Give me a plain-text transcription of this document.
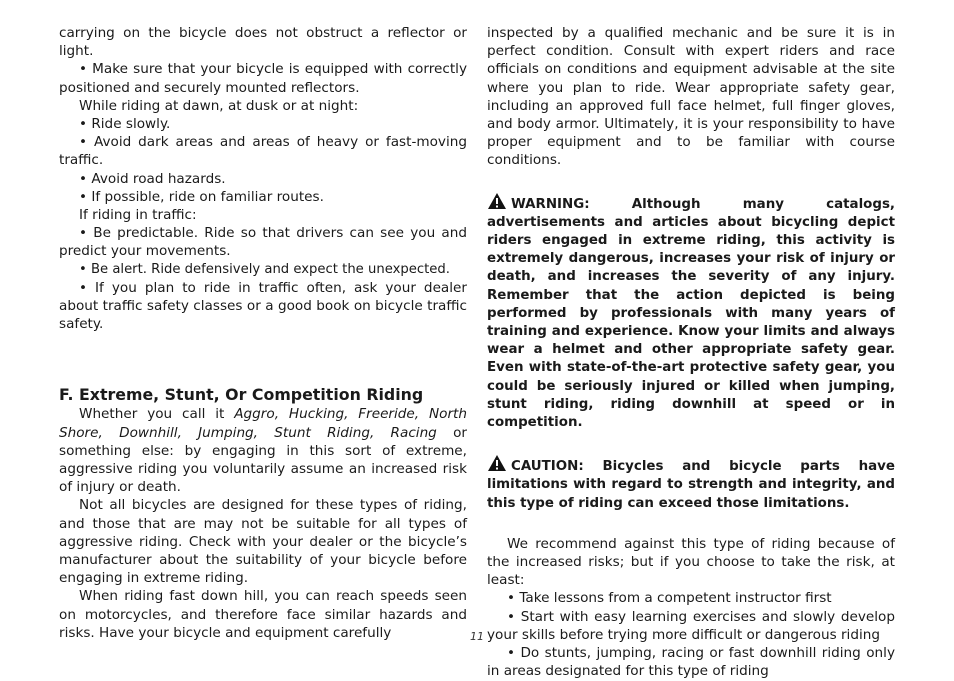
carrying on the bicycle does not obstruct a reflector or light.

• Make sure that your bicycle is equipped with correctly positioned and securely mounted reflectors.

While riding at dawn, at dusk or at night:

• Ride slowly.

• Avoid dark areas and areas of heavy or fast-moving traffic.

• Avoid road hazards.

• If possible, ride on familiar routes.

If riding in traffic:

• Be predictable. Ride so that drivers can see you and predict your movements.

• Be alert. Ride defensively and expect the unexpected.

• If you plan to ride in traffic often, ask your dealer about traffic safety classes or a good book on bicycle traffic safety.

F. Extreme, Stunt, Or Competition Riding

Whether you call it Aggro, Hucking, Freeride, North Shore, Downhill, Jumping, Stunt Riding, Racing or something else: by engaging in this sort of extreme, aggressive riding you voluntarily assume an increased risk of injury or death.

Not all bicycles are designed for these types of riding, and those that are may not be suitable for all types of aggressive riding. Check with your dealer or the bicycle’s manufacturer about the suitability of your bicycle before engaging in extreme riding.

When riding fast down hill, you can reach speeds seen on motorcycles, and therefore face similar hazards and risks. Have your bicycle and equipment carefully

inspected by a qualified mechanic and be sure it is in perfect condition. Consult with expert riders and race officials on conditions and equipment advisable at the site where you plan to ride. Wear appropriate safety gear, including an approved full face helmet, full finger gloves, and body armor. Ultimately, it is your responsibility to have proper equipment and to be familiar with course conditions.

WARNING: Although many catalogs, advertisements and articles about bicycling depict riders engaged in extreme riding, this activity is extremely dangerous, increases your risk of injury or death, and increases the severity of any injury. Remember that the action depicted is being performed by professionals with many years of training and experience. Know your limits and always wear a helmet and other appropriate safety gear. Even with state-of-the-art protective safety gear, you could be seriously injured or killed when jumping, stunt riding, riding downhill at speed or in competition.

CAUTION: Bicycles and bicycle parts have limitations with regard to strength and integrity, and this type of riding can exceed those limitations.

We recommend against this type of riding because of the increased risks; but if you choose to take the risk, at least:

• Take lessons from a competent instructor first

• Start with easy learning exercises and slowly develop your skills before trying more difficult or dangerous riding

• Do stunts, jumping, racing or fast downhill riding only in areas designated for this type of riding

11
